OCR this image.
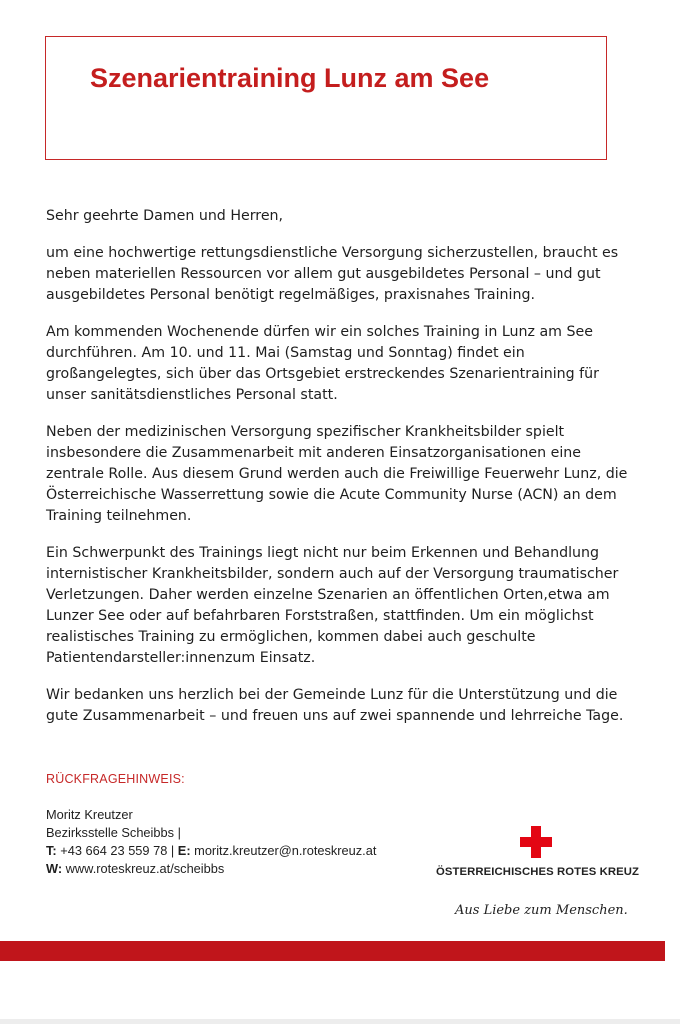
Szenarientraining Lunz am See

Sehr geehrte Damen und Herren,

um eine hochwertige rettungsdienstliche Versorgung sicherzustellen, braucht es neben materiellen Ressourcen vor allem gut ausgebildetes Personal – und gut ausgebildetes Personal benötigt regelmäßiges, praxisnahes Training.

Am kommenden Wochenende dürfen wir ein solches Training in Lunz am See durchführen. Am 10. und 11. Mai (Samstag und Sonntag) findet ein großangelegtes, sich über das Ortsgebiet erstreckendes Szenarientraining für unser sanitätsdienstliches Personal statt.

Neben der medizinischen Versorgung spezifischer Krankheitsbilder spielt insbesondere die Zusammenarbeit mit anderen Einsatzorganisationen eine zentrale Rolle. Aus diesem Grund werden auch die Freiwillige Feuerwehr Lunz, die Österreichische Wasserrettung sowie die Acute Community Nurse (ACN) an dem Training teilnehmen.

Ein Schwerpunkt des Trainings liegt nicht nur beim Erkennen und Behandlung internistischer Krankheitsbilder, sondern auch auf der Versorgung traumatischer Verletzungen. Daher werden einzelne Szenarien an öffentlichen Orten,etwa am Lunzer See oder auf befahrbaren Forststraßen, stattfinden. Um ein möglichst realistisches Training zu ermöglichen, kommen dabei auch geschulte Patientendarsteller:innenzum Einsatz.

Wir bedanken uns herzlich bei der Gemeinde Lunz für die Unterstützung und die gute Zusammenarbeit – und freuen uns auf zwei spannende und lehrreiche Tage.

RÜCKFRAGEHINWEIS:
Moritz Kreutzer
Bezirksstelle Scheibbs |
T: +43 664 23 559 78 | E: moritz.kreutzer@n.roteskreuz.at
W: www.roteskreuz.at/scheibbs	ÖSTERREICHISCHES ROTES KREUZ
Aus Liebe zum Menschen.
